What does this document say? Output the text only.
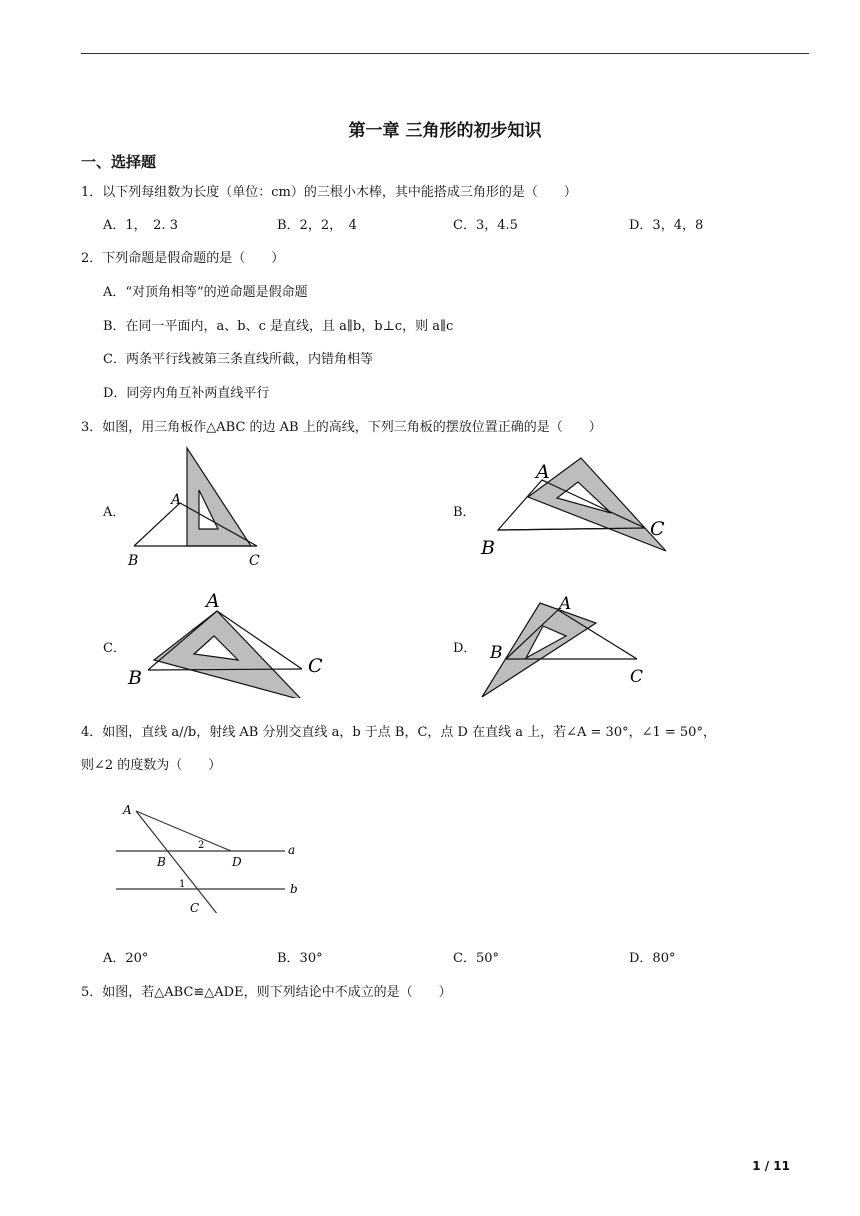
第一章 三角形的初步知识
一、选择题
1．以下列每组数为长度（单位：cm）的三根小木棒，其中能搭成三角形的是（　　）
A．1，　2. 3	B．2，2，　4	C．3，4.5	D．3，4，8
2．下列命题是假命题的是（　　）
A．“对顶角相等”的逆命题是假命题
B．在同一平面内，a、b、c 是直线，且 a∥b，b⊥c，则 a∥c
C．两条平行线被第三条直线所截，内错角相等
D．同旁内角互补两直线平行
3．如图，用三角板作△ABC 的边 AB 上的高线，下列三角板的摆放位置正确的是（　　）
A．	B．
C．	D．
A
B	C
A
B
C
A
B
C
A
B
C
4．如图，直线 a//b，射线 AB 分别交直线 a，b 于点 B，C，点 D 在直线 a 上，若∠A = 30°，∠1 = 50°，
则∠2 的度数为（　　）
A
B
C
D
a
b
1
2
A．20°	B．30°	C．50°	D．80°
5．如图，若△ABC≌△ADE，则下列结论中不成立的是（　　）
1 / 11
